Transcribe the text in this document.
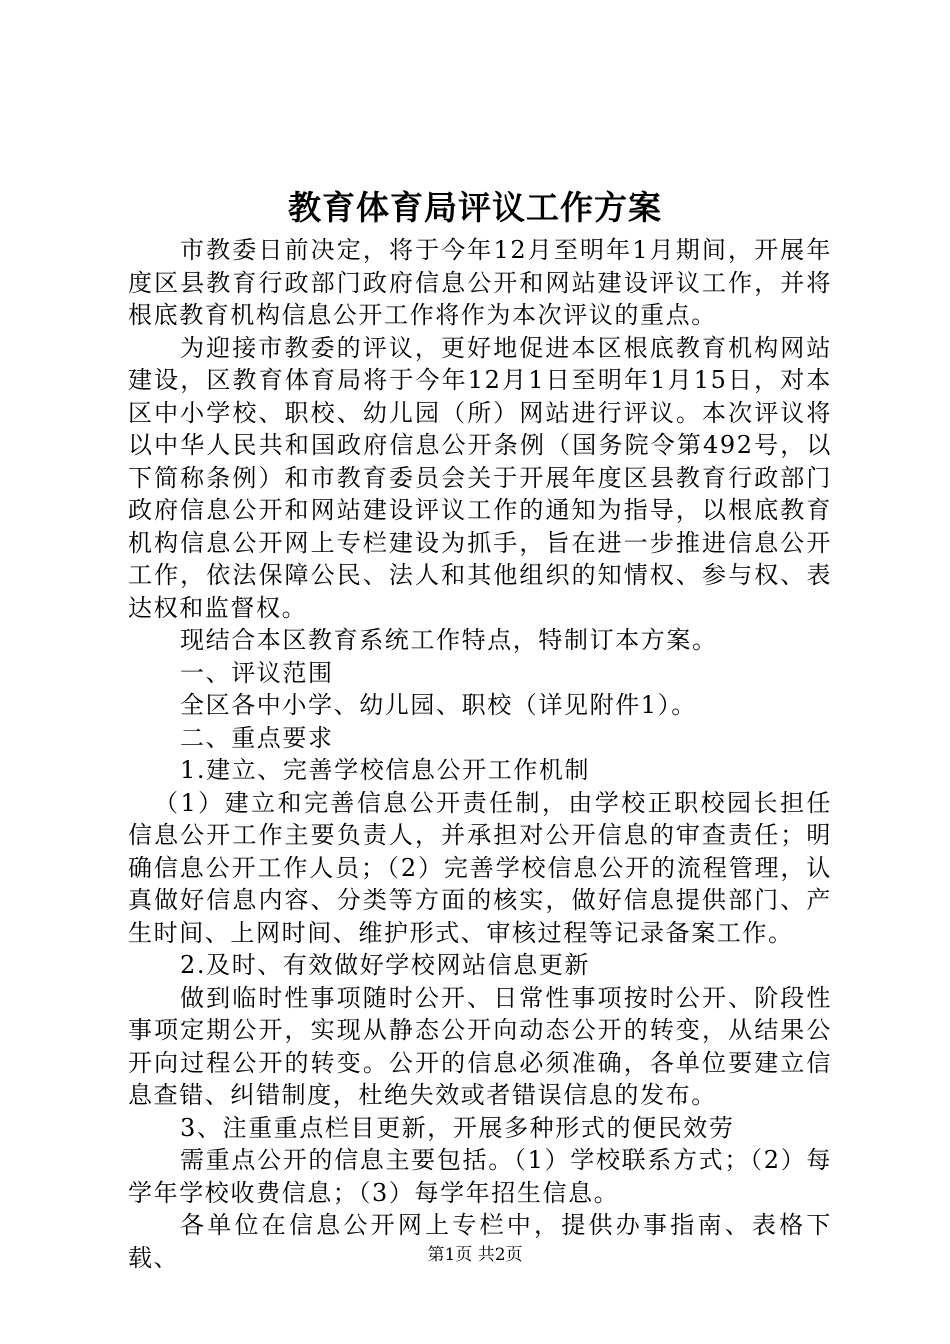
教育体育局评议工作方案

市教委日前决定，将于今年12月至明年1月期间，开展年度区县教育行政部门政府信息公开和网站建设评议工作，并将根底教育机构信息公开工作将作为本次评议的重点。

为迎接市教委的评议，更好地促进本区根底教育机构网站建设，区教育体育局将于今年12月1日至明年1月15日，对本区中小学校、职校、幼儿园（所）网站进行评议。本次评议将以中华人民共和国政府信息公开条例（国务院令第492号，以下简称条例）和市教育委员会关于开展年度区县教育行政部门政府信息公开和网站建设评议工作的通知为指导，以根底教育机构信息公开网上专栏建设为抓手，旨在进一步推进信息公开工作，依法保障公民、法人和其他组织的知情权、参与权、表达权和监督权。

现结合本区教育系统工作特点，特制订本方案。

一、评议范围

全区各中小学、幼儿园、职校（详见附件1）。

二、重点要求

1.建立、完善学校信息公开工作机制

（1）建立和完善信息公开责任制，由学校正职校园长担任信息公开工作主要负责人，并承担对公开信息的审查责任；明确信息公开工作人员；（2）完善学校信息公开的流程管理，认真做好信息内容、分类等方面的核实，做好信息提供部门、产生时间、上网时间、维护形式、审核过程等记录备案工作。

2.及时、有效做好学校网站信息更新

做到临时性事项随时公开、日常性事项按时公开、阶段性事项定期公开，实现从静态公开向动态公开的转变，从结果公开向过程公开的转变。公开的信息必须准确，各单位要建立信息查错、纠错制度，杜绝失效或者错误信息的发布。

3、注重重点栏目更新，开展多种形式的便民效劳

需重点公开的信息主要包括。（1）学校联系方式；（2）每学年学校收费信息；（3）每学年招生信息。

各单位在信息公开网上专栏中，提供办事指南、表格下载、	第1页 共2页
